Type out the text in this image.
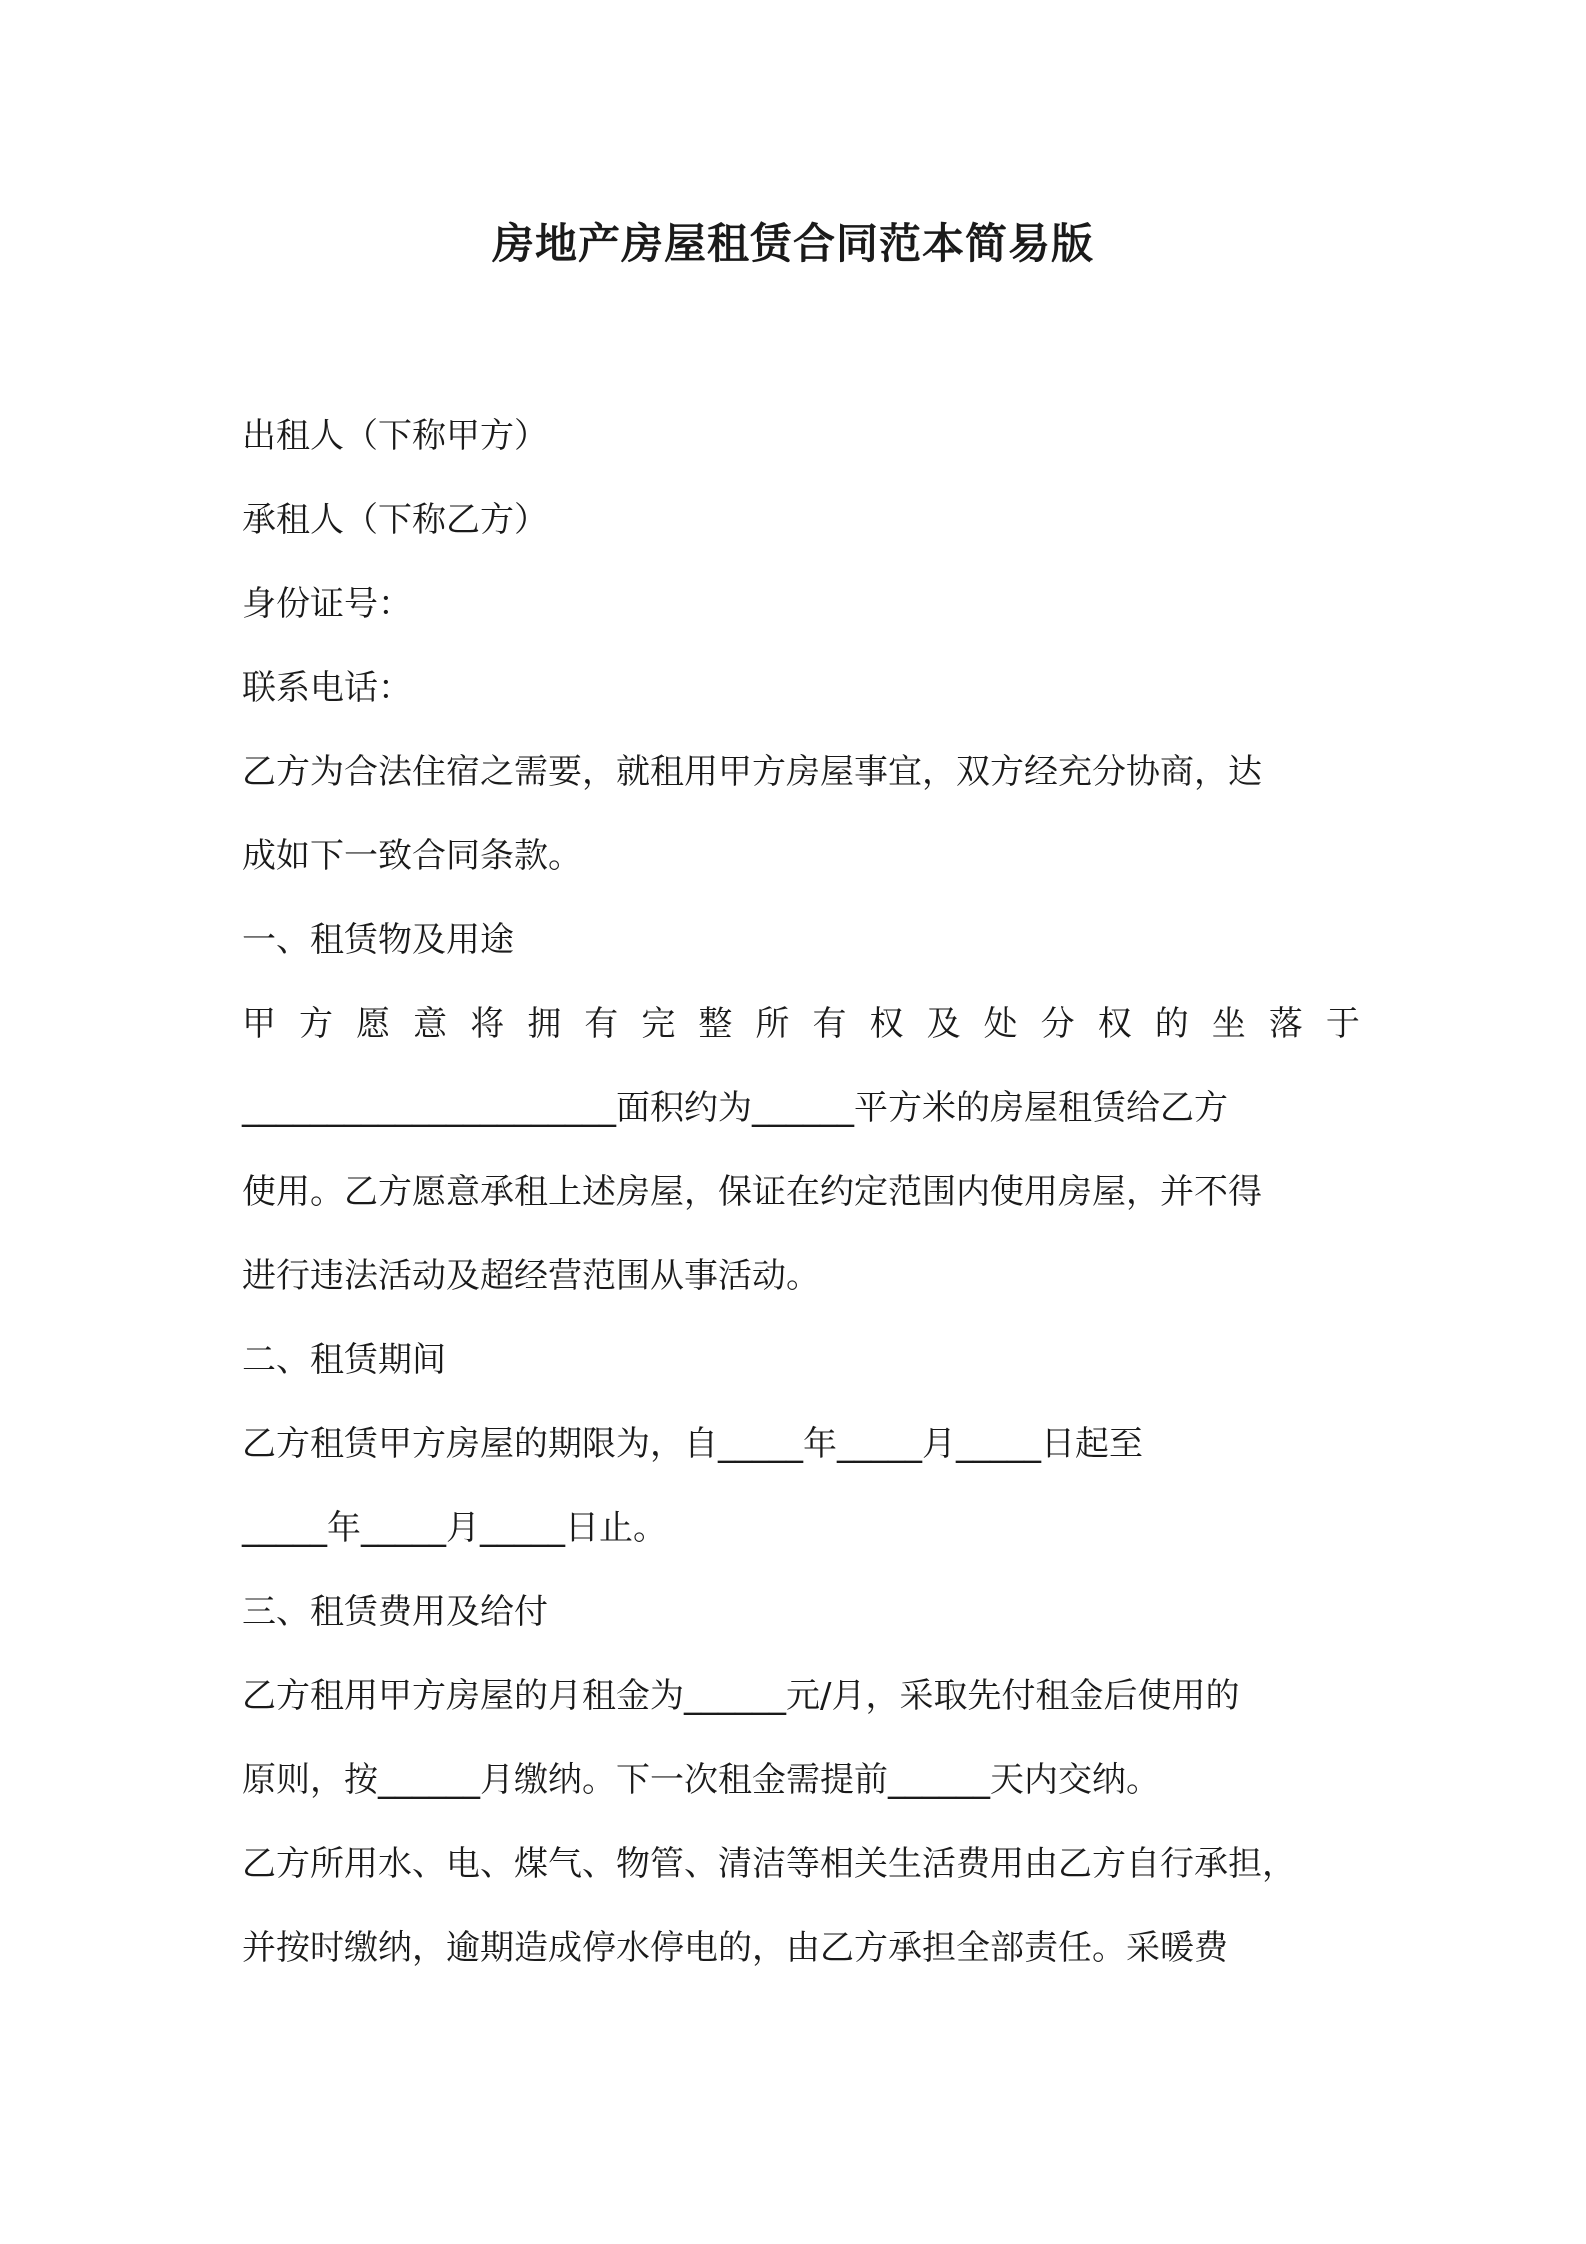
房地产房屋租赁合同范本简易版
出租人（下称甲方）
承租人（下称乙方）
身份证号：
联系电话：
乙方为合法住宿之需要，就租用甲方房屋事宜，双方经充分协商，达
成如下一致合同条款。
一、租赁物及用途
甲 方 愿 意 将 拥 有 完 整 所 有 权 及 处 分 权 的 坐 落 于
______________________面积约为______平方米的房屋租赁给乙方
使用。乙方愿意承租上述房屋，保证在约定范围内使用房屋，并不得
进行违法活动及超经营范围从事活动。
二、租赁期间
乙方租赁甲方房屋的期限为，自_____年_____月_____日起至
_____年_____月_____日止。
三、租赁费用及给付
乙方租用甲方房屋的月租金为______元/月，采取先付租金后使用的
原则，按______月缴纳。下一次租金需提前______天内交纳。
乙方所用水、电、煤气、物管、清洁等相关生活费用由乙方自行承担，
并按时缴纳，逾期造成停水停电的，由乙方承担全部责任。采暖费
